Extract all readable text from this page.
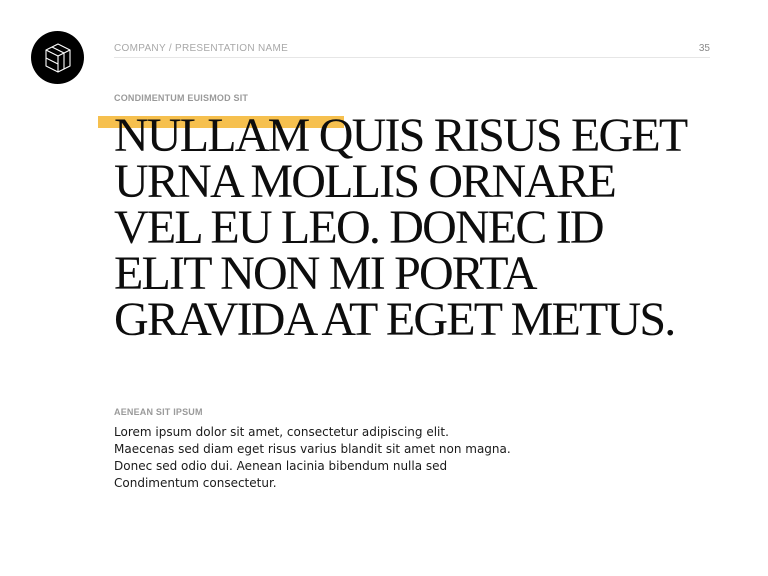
COMPANY / PRESENTATION NAME	35
CONDIMENTUM EUISMOD SIT
NULLAM QUIS RISUS EGET
URNA MOLLIS ORNARE
VEL EU LEO. DONEC ID
ELIT NON MI PORTA
GRAVIDA AT EGET METUS.
AENEAN SIT IPSUM

Lorem ipsum dolor sit amet, consectetur adipiscing elit.
Maecenas sed diam eget risus varius blandit sit amet non magna.
Donec sed odio dui. Aenean lacinia bibendum nulla sed
Condimentum consectetur.
